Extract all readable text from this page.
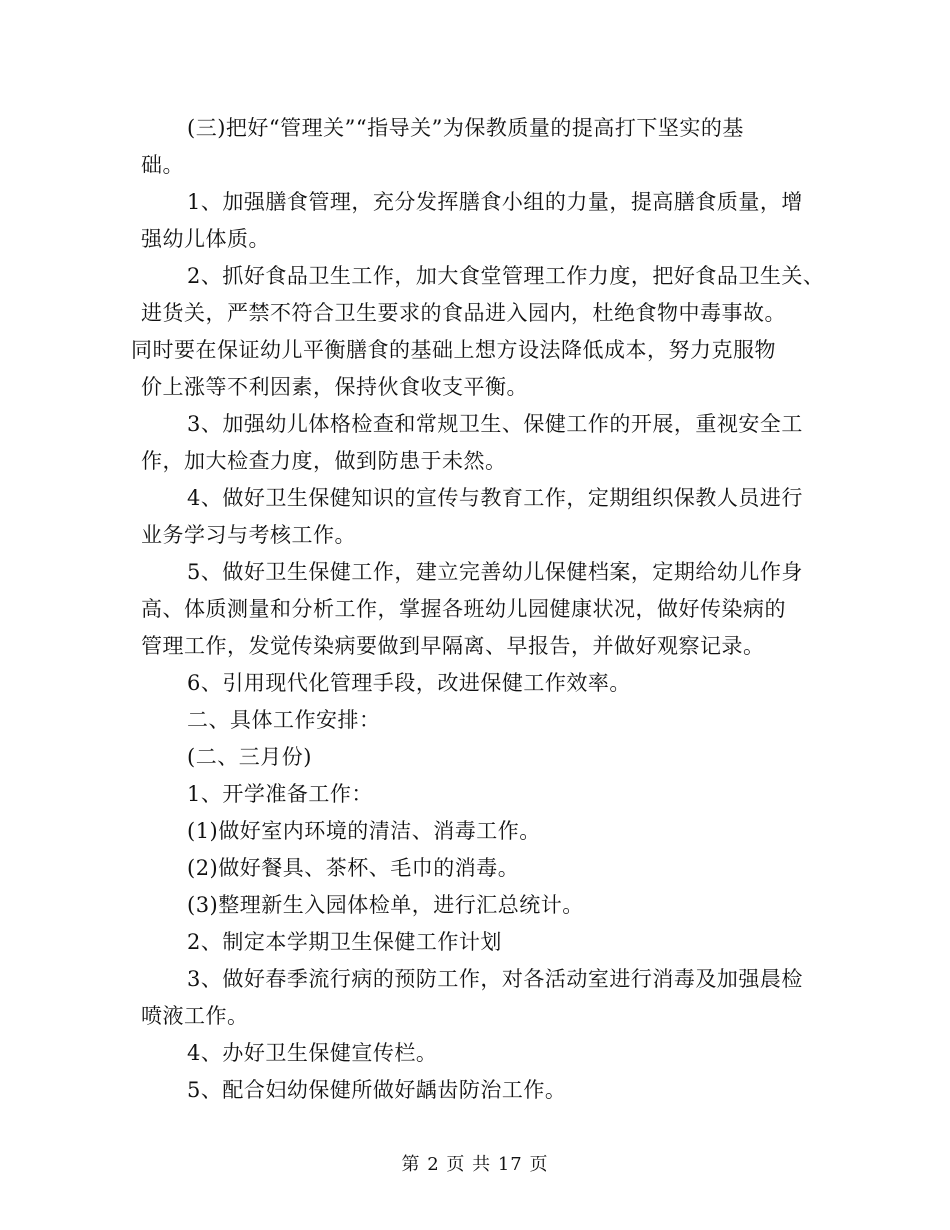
(三)把好“管理关”“指导关”为保教质量的提高打下坚实的基
础。
1、加强膳食管理，充分发挥膳食小组的力量，提高膳食质量，增
强幼儿体质。
2、抓好食品卫生工作，加大食堂管理工作力度，把好食品卫生关、
进货关，严禁不符合卫生要求的食品进入园内，杜绝食物中毒事故。
同时要在保证幼儿平衡膳食的基础上想方设法降低成本，努力克服物
价上涨等不利因素，保持伙食收支平衡。
3、加强幼儿体格检查和常规卫生、保健工作的开展，重视安全工
作，加大检查力度，做到防患于未然。
4、做好卫生保健知识的宣传与教育工作，定期组织保教人员进行
业务学习与考核工作。
5、做好卫生保健工作，建立完善幼儿保健档案，定期给幼儿作身
高、体质测量和分析工作，掌握各班幼儿园健康状况，做好传染病的
管理工作，发觉传染病要做到早隔离、早报告，并做好观察记录。
6、引用现代化管理手段，改进保健工作效率。
二、具体工作安排：
(二、三月份)
1、开学准备工作：
(1)做好室内环境的清洁、消毒工作。
(2)做好餐具、茶杯、毛巾的消毒。
(3)整理新生入园体检单，进行汇总统计。
2、制定本学期卫生保健工作计划
3、做好春季流行病的预防工作，对各活动室进行消毒及加强晨检
喷液工作。
4、办好卫生保健宣传栏。
5、配合妇幼保健所做好龋齿防治工作。
第 2 页 共 17 页
